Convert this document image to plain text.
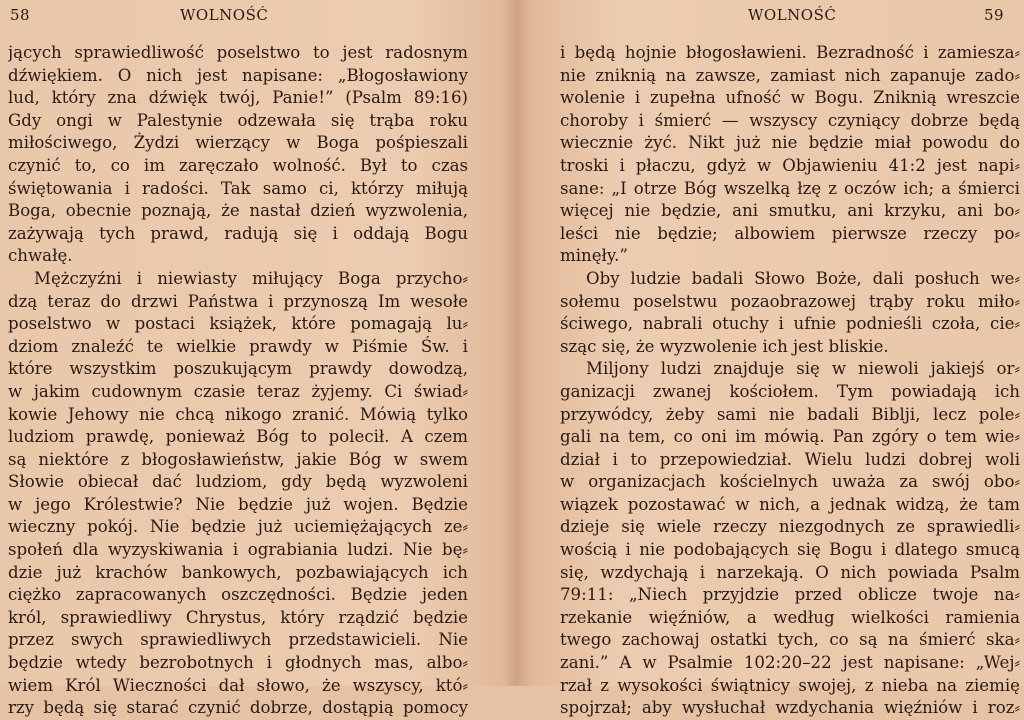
58	WOLNOŚĆ
jących sprawiedliwość poselstwo to jest radosnym
dźwiękiem. O nich jest napisane: „Błogosławiony
lud, który zna dźwięk twój, Panie!” (Psalm 89:16)
Gdy ongi w Palestynie odzewała się trąba roku
miłościwego, Żydzi wierzący w Boga pośpieszali
czynić to, co im zaręczało wolność. Był to czas
świętowania i radości. Tak samo ci, którzy miłują
Boga, obecnie poznają, że nastał dzień wyzwolenia,
zażywają tych prawd, radują się i oddają Bogu
chwałę.
Mężczyźni i niewiasty miłujący Boga przycho⸗
dzą teraz do drzwi Państwa i przynoszą Im wesołe
poselstwo w postaci książek, które pomagają lu⸗
dziom znaleźć te wielkie prawdy w Piśmie Św. i
które wszystkim poszukującym prawdy dowodzą,
w jakim cudownym czasie teraz żyjemy. Ci świad⸗
kowie Jehowy nie chcą nikogo zranić. Mówią tylko
ludziom prawdę, ponieważ Bóg to polecił. A czem
są niektóre z błogosławieństw, jakie Bóg w swem
Słowie obiecał dać ludziom, gdy będą wyzwoleni
w jego Królestwie? Nie będzie już wojen. Będzie
wieczny pokój. Nie będzie już uciemiężających ze⸗
społeń dla wyzyskiwania i ograbiania ludzi. Nie bę⸗
dzie już krachów bankowych, pozbawiających ich
ciężko zapracowanych oszczędności. Będzie jeden
król, sprawiedliwy Chrystus, który rządzić będzie
przez swych sprawiedliwych przedstawicieli. Nie
będzie wtedy bezrobotnych i głodnych mas, albo⸗
wiem Król Wieczności dał słowo, że wszyscy, któ⸗
rzy będą się starać czynić dobrze, dostąpią pomocy
WOLNOŚĆ	59
i będą hojnie błogosławieni. Bezradność i zamiesza⸗
nie zniknią na zawsze, zamiast nich zapanuje zado⸗
wolenie i zupełna ufność w Bogu. Zniknią wreszcie
choroby i śmierć — wszyscy czyniący dobrze będą
wiecznie żyć. Nikt już nie będzie miał powodu do
troski i płaczu, gdyż w Objawieniu 41:2 jest napi⸗
sane: „I otrze Bóg wszelką łzę z oczów ich; a śmierci
więcej nie będzie, ani smutku, ani krzyku, ani bo⸗
leści nie będzie; albowiem pierwsze rzeczy po⸗
minęły.”
Oby ludzie badali Słowo Boże, dali posłuch we⸗
sołemu poselstwu pozaobrazowej trąby roku miło⸗
ściwego, nabrali otuchy i ufnie podnieśli czoła, cie⸗
sząc się, że wyzwolenie ich jest bliskie.
Miljony ludzi znajduje się w niewoli jakiejś or⸗
ganizacji zwanej kościołem. Tym powiadają ich
przywódcy, żeby sami nie badali Biblji, lecz pole⸗
gali na tem, co oni im mówią. Pan zgóry o tem wie⸗
dział i to przepowiedział. Wielu ludzi dobrej woli
w organizacjach kościelnych uważa za swój obo⸗
wiązek pozostawać w nich, a jednak widzą, że tam
dzieje się wiele rzeczy niezgodnych ze sprawiedli⸗
wością i nie podobających się Bogu i dlatego smucą
się, wzdychają i narzekają. O nich powiada Psalm
79:11: „Niech przyjdzie przed oblicze twoje na⸗
rzekanie więźniów, a według wielkości ramienia
twego zachowaj ostatki tych, co są na śmierć ska⸗
zani.” A w Psalmie 102:20–22 jest napisane: „Wej⸗
rzał z wysokości świątnicy swojej, z nieba na ziemię
spojrzał; aby wysłuchał wzdychania więźniów i roz⸗
